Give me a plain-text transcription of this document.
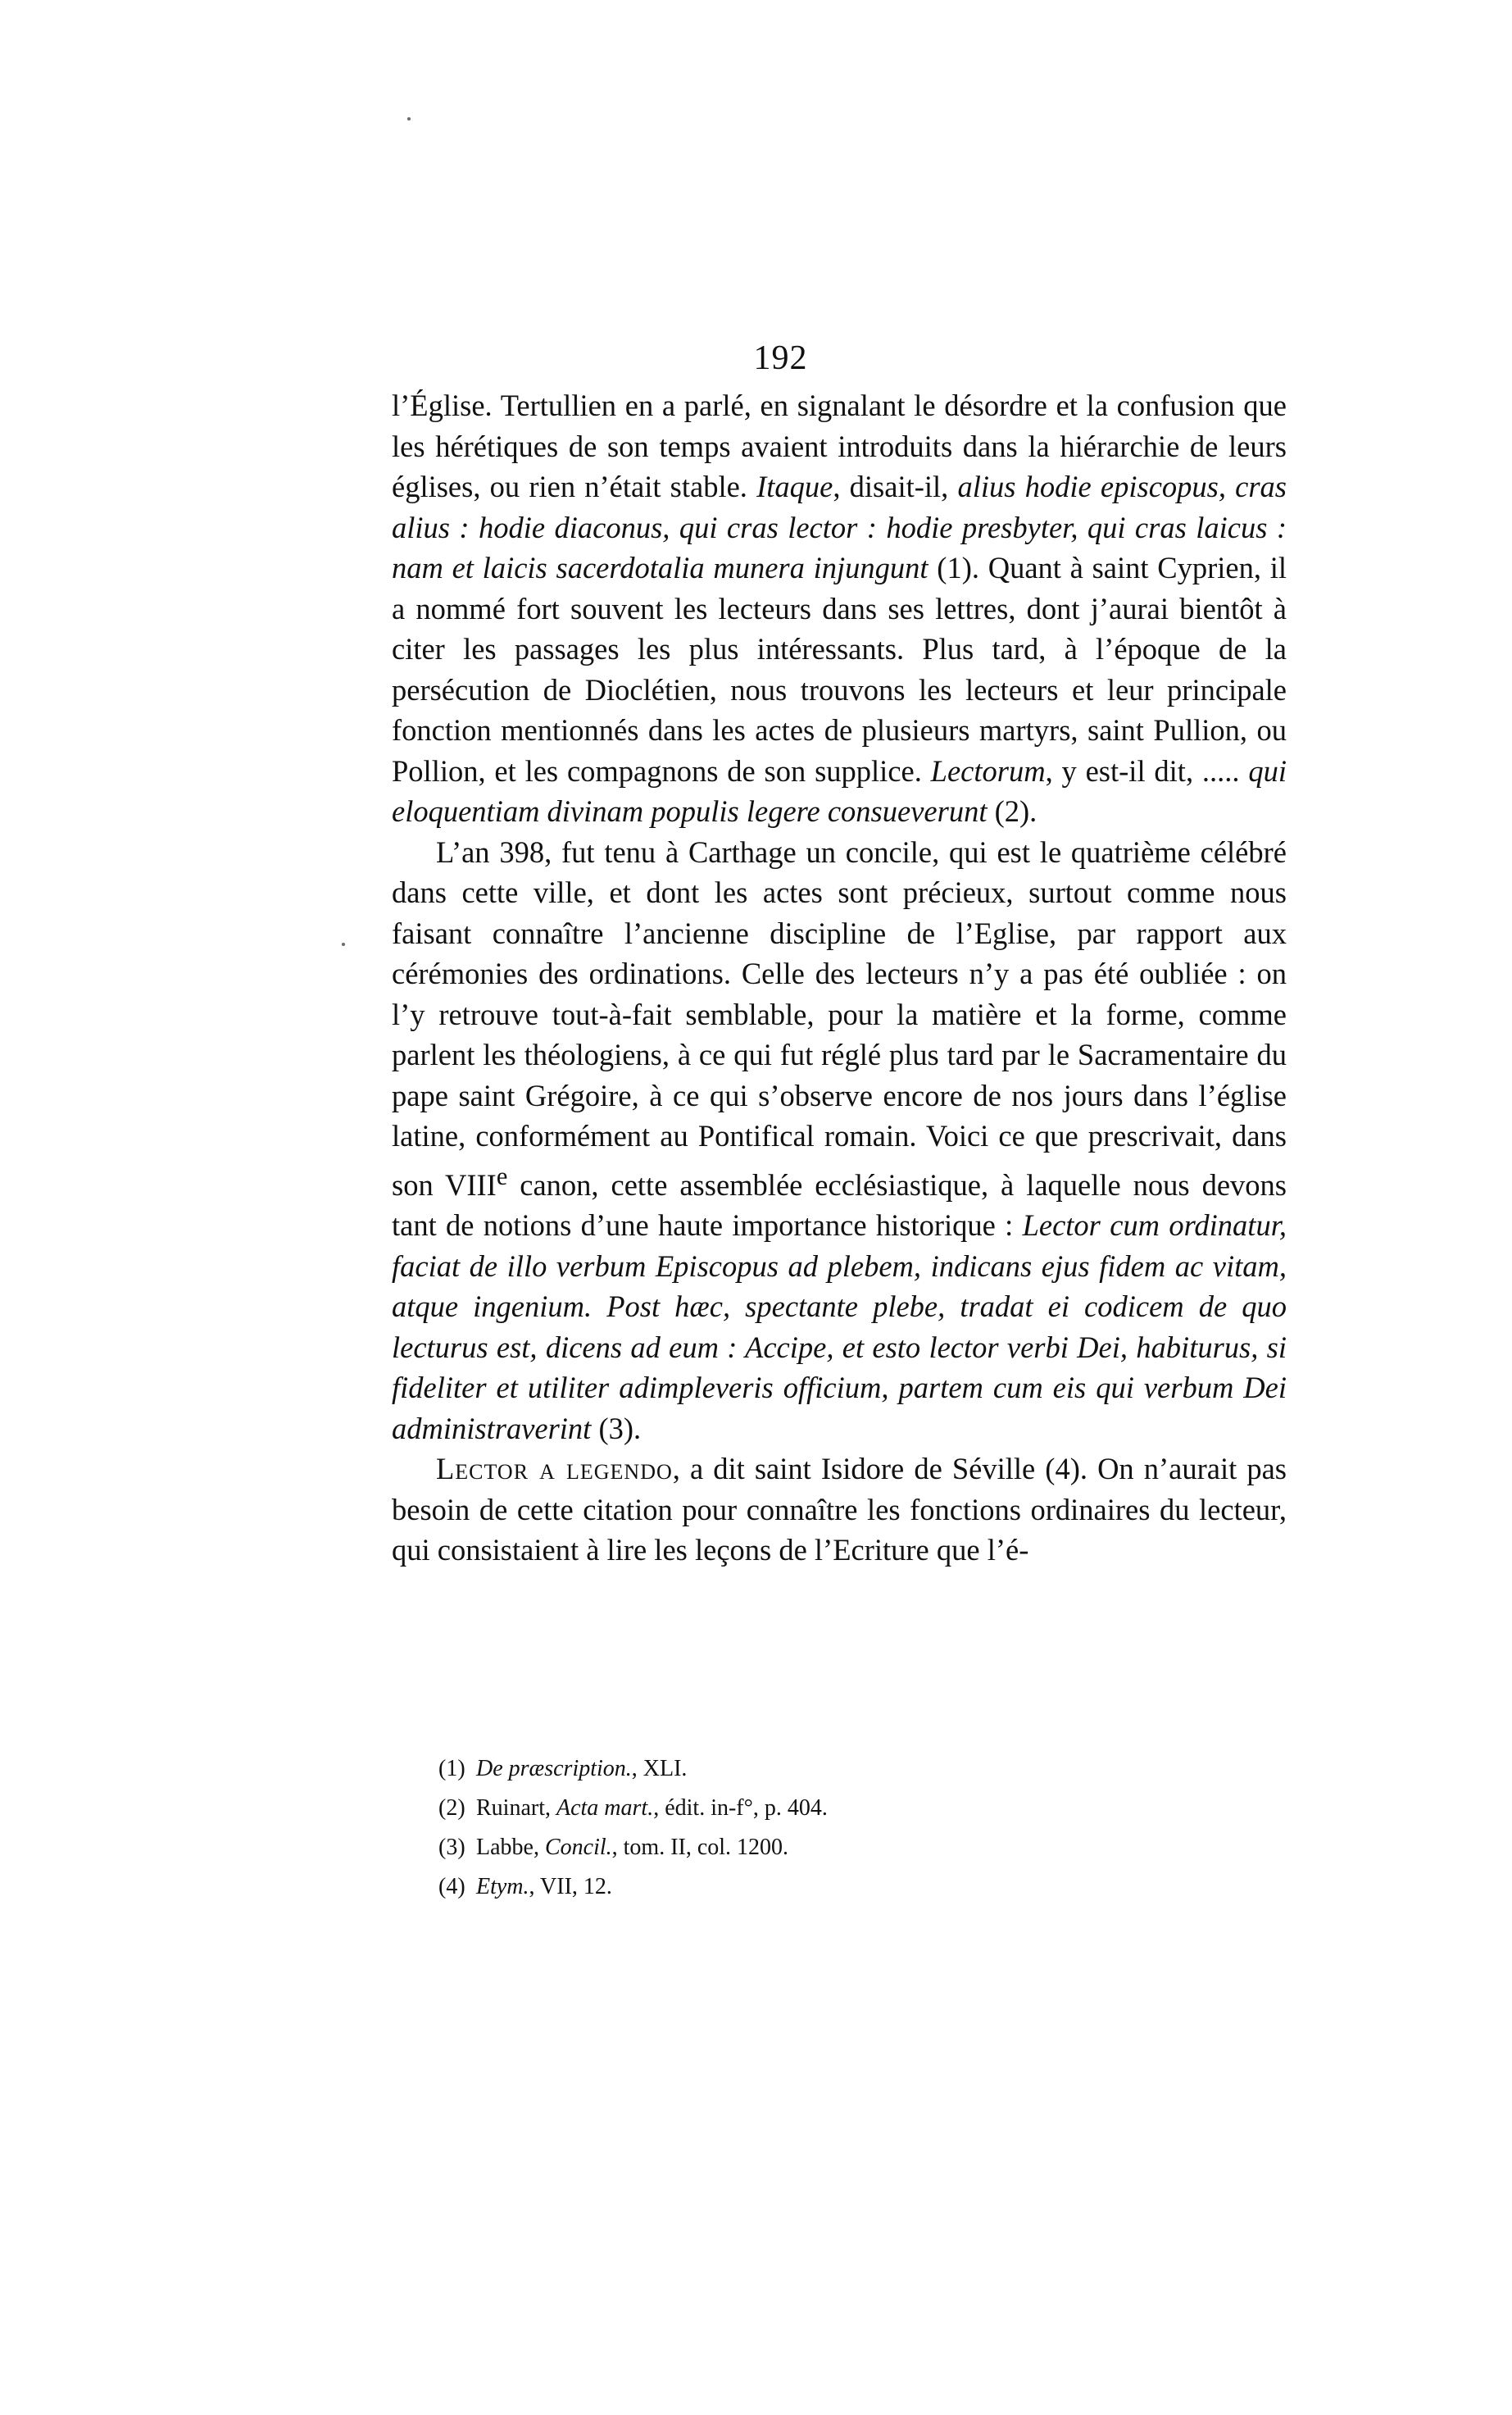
192

l’Église. Tertullien en a parlé, en signalant le désordre et la confusion que les hérétiques de son temps avaient introduits dans la hiérarchie de leurs églises, ou rien n’était stable. Itaque, disait-il, alius hodie episcopus, cras alius : hodie diaconus, qui cras lector : hodie presbyter, qui cras laicus : nam et laicis sacerdotalia munera injungunt (1). Quant à saint Cyprien, il a nommé fort souvent les lecteurs dans ses lettres, dont j’aurai bientôt à citer les passages les plus intéressants. Plus tard, à l’époque de la persécution de Dioclétien, nous trouvons les lecteurs et leur principale fonction mentionnés dans les actes de plusieurs martyrs, saint Pullion, ou Pollion, et les compagnons de son supplice. Lectorum, y est-il dit, ..... qui eloquentiam divinam populis legere consueverunt (2).

L’an 398, fut tenu à Carthage un concile, qui est le quatrième célébré dans cette ville, et dont les actes sont précieux, surtout comme nous faisant connaître l’ancienne discipline de l’Eglise, par rapport aux cérémonies des ordinations. Celle des lecteurs n’y a pas été oubliée : on l’y retrouve tout-à-fait semblable, pour la matière et la forme, comme parlent les théologiens, à ce qui fut réglé plus tard par le Sacramentaire du pape saint Grégoire, à ce qui s’observe encore de nos jours dans l’église latine, conformément au Pontifical romain. Voici ce que prescrivait, dans son VIIIe canon, cette assemblée ecclésiastique, à laquelle nous devons tant de notions d’une haute importance historique : Lector cum ordinatur, faciat de illo verbum Episcopus ad plebem, indicans ejus fidem ac vitam, atque ingenium. Post hæc, spectante plebe, tradat ei codicem de quo lecturus est, dicens ad eum : Accipe, et esto lector verbi Dei, habiturus, si fideliter et utiliter adimpleveris officium, partem cum eis qui verbum Dei administraverint (3).

Lector a legendo, a dit saint Isidore de Séville (4). On n’aurait pas besoin de cette citation pour connaître les fonctions ordinaires du lecteur, qui consistaient à lire les leçons de l’Ecriture que l’é-

(1) De præscription., XLI.
(2) Ruinart, Acta mart., édit. in-f°, p. 404.
(3) Labbe, Concil., tom. II, col. 1200.
(4) Etym., VII, 12.
